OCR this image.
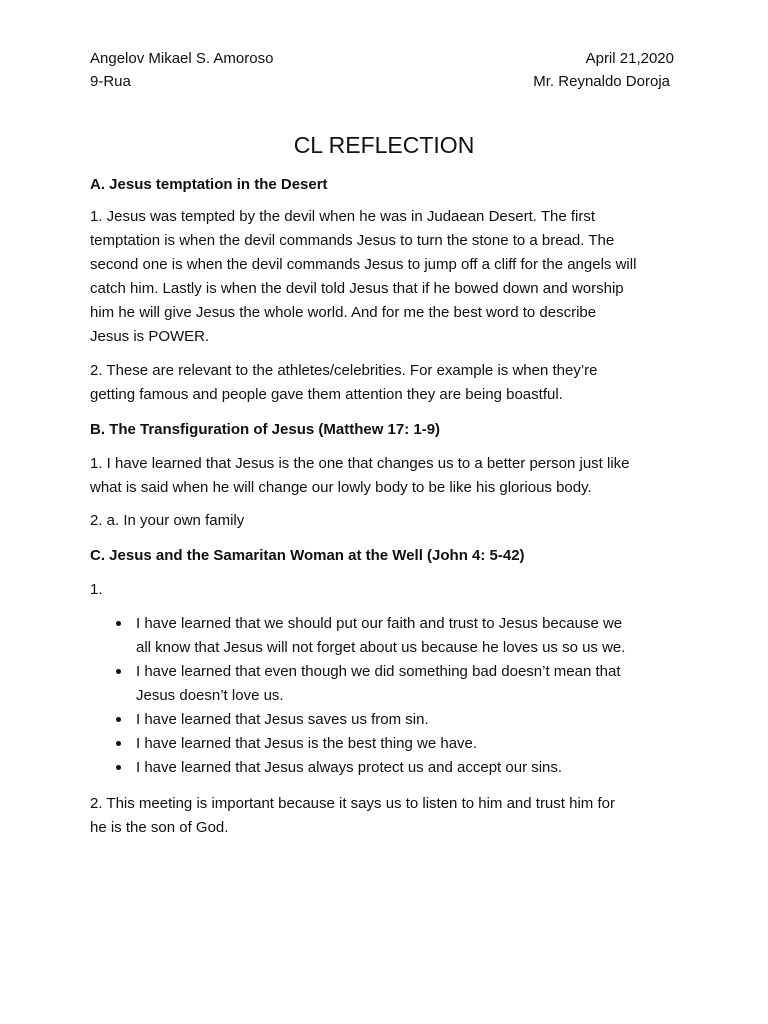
Angelov Mikael S. Amoroso
9-Rua
April 21,2020
Mr. Reynaldo Doroja
CL REFLECTION
A. Jesus temptation in the Desert

1. Jesus was tempted by the devil when he was in Judaean Desert. The first

temptation is when the devil commands Jesus to turn the stone to a bread. The

second one is when the devil commands Jesus to jump off a cliff for the angels will

catch him. Lastly is when the devil told Jesus that if he bowed down and worship

him he will give Jesus the whole world. And for me the best word to describe

Jesus is POWER.

2. These are relevant to the athletes/celebrities. For example is when they’re

getting famous and people gave them attention they are being boastful.

B. The Transfiguration of Jesus (Matthew 17: 1-9)

1. I have learned that Jesus is the one that changes us to a better person just like

what is said when he will change our lowly body to be like his glorious body.

2. a. In your own family

C. Jesus and the Samaritan Woman at the Well (John 4: 5-42)

1.

I have learned that we should put our faith and trust to Jesus because we

all know that Jesus will not forget about us because he loves us so us we.

I have learned that even though we did something bad doesn’t mean that

Jesus doesn’t love us.

I have learned that Jesus saves us from sin.

I have learned that Jesus is the best thing we have.

I have learned that Jesus always protect us and accept our sins.

2. This meeting is important because it says us to listen to him and trust him for

he is the son of God.
